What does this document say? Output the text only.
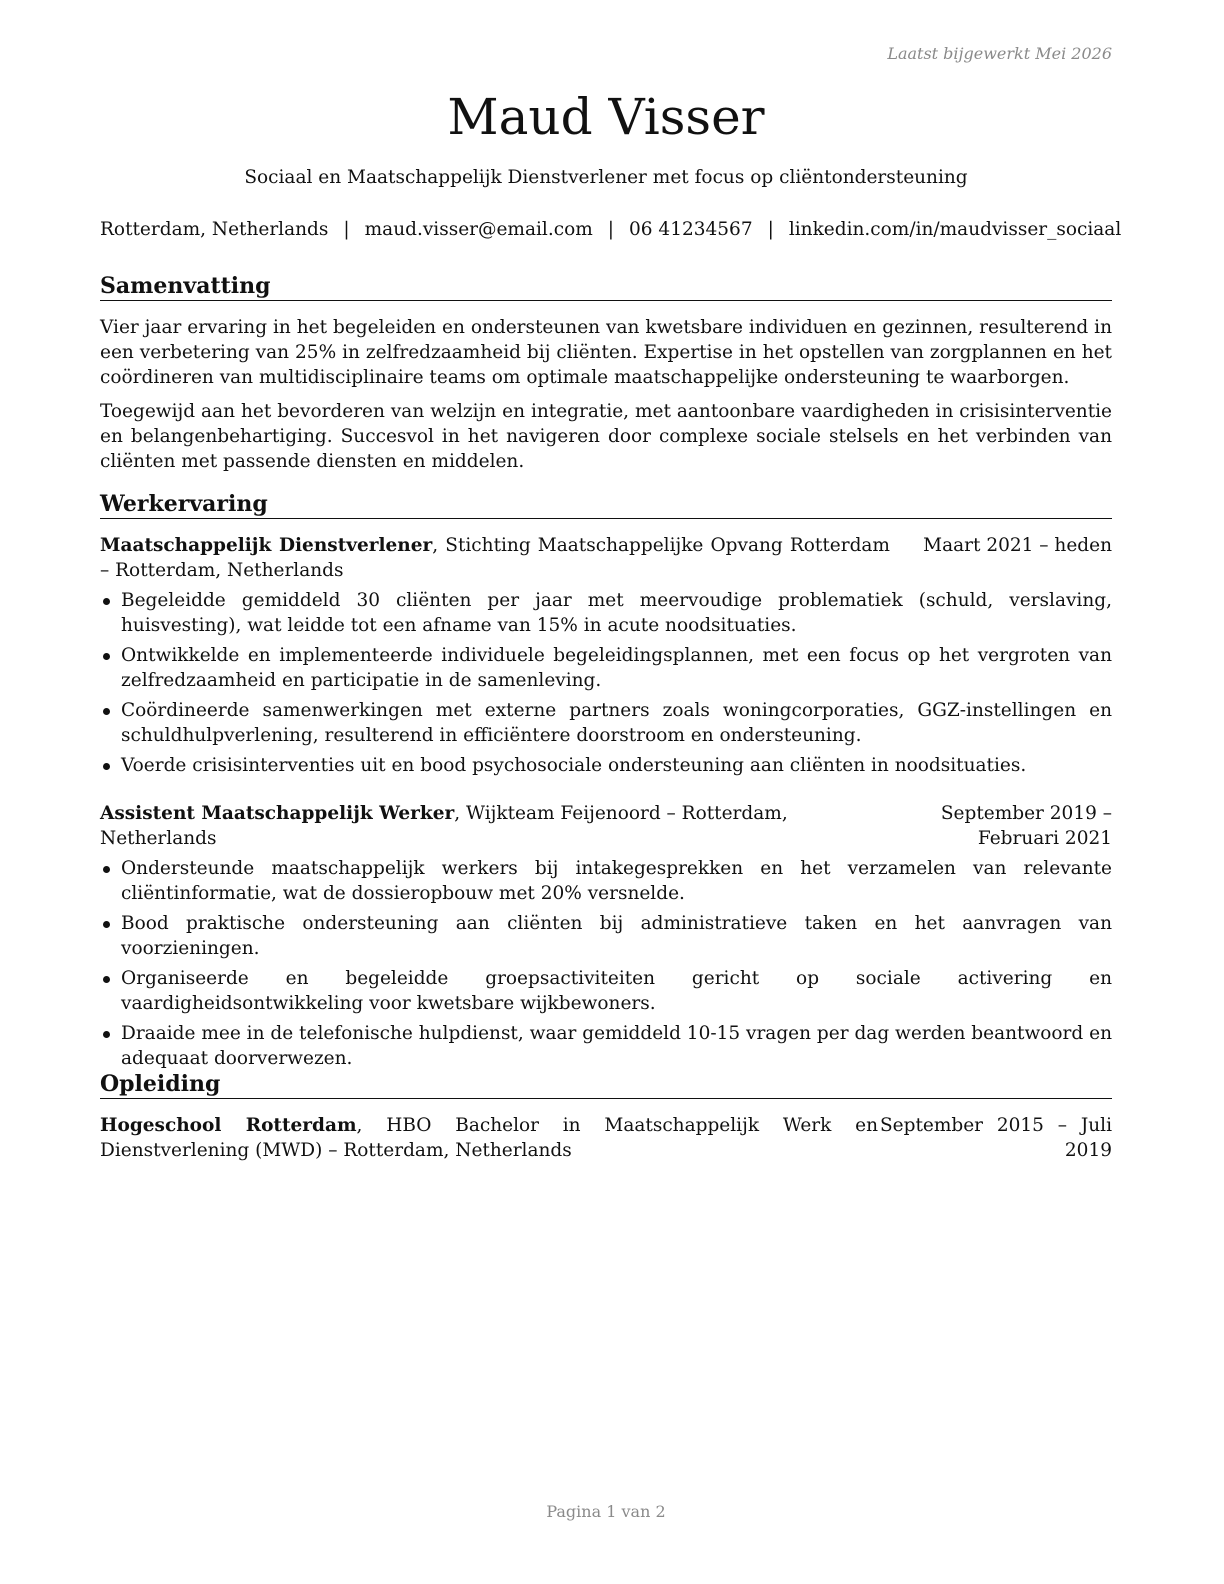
Laatst bijgewerkt Mei 2026
Maud Visser
Sociaal en Maatschappelijk Dienstverlener met focus op cliëntondersteuning
Rotterdam, Netherlands | maud.visser@email.com | 06 41234567 | linkedin.com/in/maudvisser_sociaal
Samenvatting

Vier jaar ervaring in het begeleiden en ondersteunen van kwetsbare individuen en gezinnen, resulterend in een verbetering van 25% in zelfredzaamheid bij cliënten. Expertise in het opstellen van zorgplannen en het coördineren van multidisciplinaire teams om optimale maatschappelijke ondersteuning te waarborgen.

Toegewijd aan het bevorderen van welzijn en integratie, met aantoonbare vaardigheden in crisisinterventie en belangenbehartiging. Succesvol in het navigeren door complexe sociale stelsels en het verbinden van cliënten met passende diensten en middelen.

Werkervaring
Maatschappelijk Dienstverlener, Stichting Maatschappelijke Opvang Rotterdam – Rotterdam, Netherlands
Maart 2021 – heden
Begeleidde gemiddeld 30 cliënten per jaar met meervoudige problematiek (schuld, verslaving, huisvesting), wat leidde tot een afname van 15% in acute noodsituaties.
Ontwikkelde en implementeerde individuele begeleidingsplannen, met een focus op het vergroten van zelfredzaamheid en participatie in de samenleving.
Coördineerde samenwerkingen met externe partners zoals woningcorporaties, GGZ-instellingen en schuldhulpverlening, resulterend in efficiëntere doorstroom en ondersteuning.
Voerde crisisinterventies uit en bood psychosociale ondersteuning aan cliënten in noodsituaties.
Assistent Maatschappelijk Werker, Wijkteam Feijenoord – Rotterdam, Netherlands
September 2019 – Februari 2021
Ondersteunde maatschappelijk werkers bij intakegesprekken en het verzamelen van relevante cliëntinformatie, wat de dossieropbouw met 20% versnelde.
Bood praktische ondersteuning aan cliënten bij administratieve taken en het aanvragen van voorzieningen.
Organiseerde en begeleidde groepsactiviteiten gericht op sociale activering en vaardigheidsontwikkeling voor kwetsbare wijkbewoners.
Draaide mee in de telefonische hulpdienst, waar gemiddeld 10-15 vragen per dag werden beantwoord en adequaat doorverwezen.
Opleiding
Hogeschool Rotterdam, HBO Bachelor in Maatschappelijk Werk en Dienstverlening (MWD) – Rotterdam, Netherlands
September 2015 – Juli 2019
Pagina 1 van 2
